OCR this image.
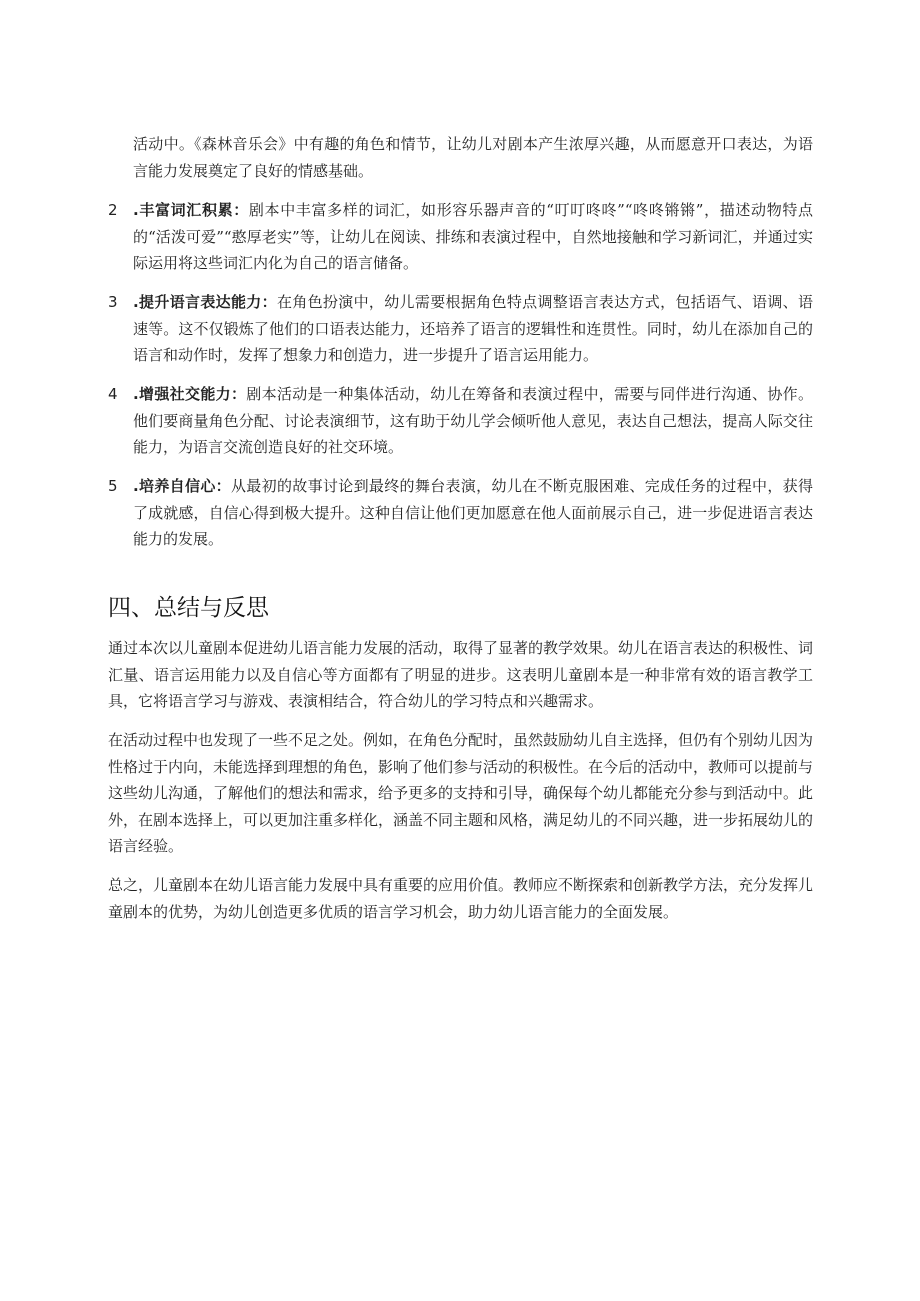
活动中。《森林音乐会》中有趣的角色和情节，让幼儿对剧本产生浓厚兴趣，从而愿意开口表达，为语言能力发展奠定了良好的情感基础。

2	.丰富词汇积累：剧本中丰富多样的词汇，如形容乐器声音的“叮叮咚咚”“咚咚锵锵”，描述动物特点的“活泼可爱”“憨厚老实”等，让幼儿在阅读、排练和表演过程中，自然地接触和学习新词汇，并通过实际运用将这些词汇内化为自己的语言储备。
3	.提升语言表达能力：在角色扮演中，幼儿需要根据角色特点调整语言表达方式，包括语气、语调、语速等。这不仅锻炼了他们的口语表达能力，还培养了语言的逻辑性和连贯性。同时，幼儿在添加自己的语言和动作时，发挥了想象力和创造力，进一步提升了语言运用能力。
4	.增强社交能力：剧本活动是一种集体活动，幼儿在筹备和表演过程中，需要与同伴进行沟通、协作。他们要商量角色分配、讨论表演细节，这有助于幼儿学会倾听他人意见，表达自己想法，提高人际交往能力，为语言交流创造良好的社交环境。
5	.培养自信心：从最初的故事讨论到最终的舞台表演，幼儿在不断克服困难、完成任务的过程中，获得了成就感，自信心得到极大提升。这种自信让他们更加愿意在他人面前展示自己，进一步促进语言表达能力的发展。
四、总结与反思

通过本次以儿童剧本促进幼儿语言能力发展的活动，取得了显著的教学效果。幼儿在语言表达的积极性、词汇量、语言运用能力以及自信心等方面都有了明显的进步。这表明儿童剧本是一种非常有效的语言教学工具，它将语言学习与游戏、表演相结合，符合幼儿的学习特点和兴趣需求。

在活动过程中也发现了一些不足之处。例如，在角色分配时，虽然鼓励幼儿自主选择，但仍有个别幼儿因为性格过于内向，未能选择到理想的角色，影响了他们参与活动的积极性。在今后的活动中，教师可以提前与这些幼儿沟通，了解他们的想法和需求，给予更多的支持和引导，确保每个幼儿都能充分参与到活动中。此外，在剧本选择上，可以更加注重多样化，涵盖不同主题和风格，满足幼儿的不同兴趣，进一步拓展幼儿的语言经验。

总之，儿童剧本在幼儿语言能力发展中具有重要的应用价值。教师应不断探索和创新教学方法，充分发挥儿童剧本的优势，为幼儿创造更多优质的语言学习机会，助力幼儿语言能力的全面发展。
